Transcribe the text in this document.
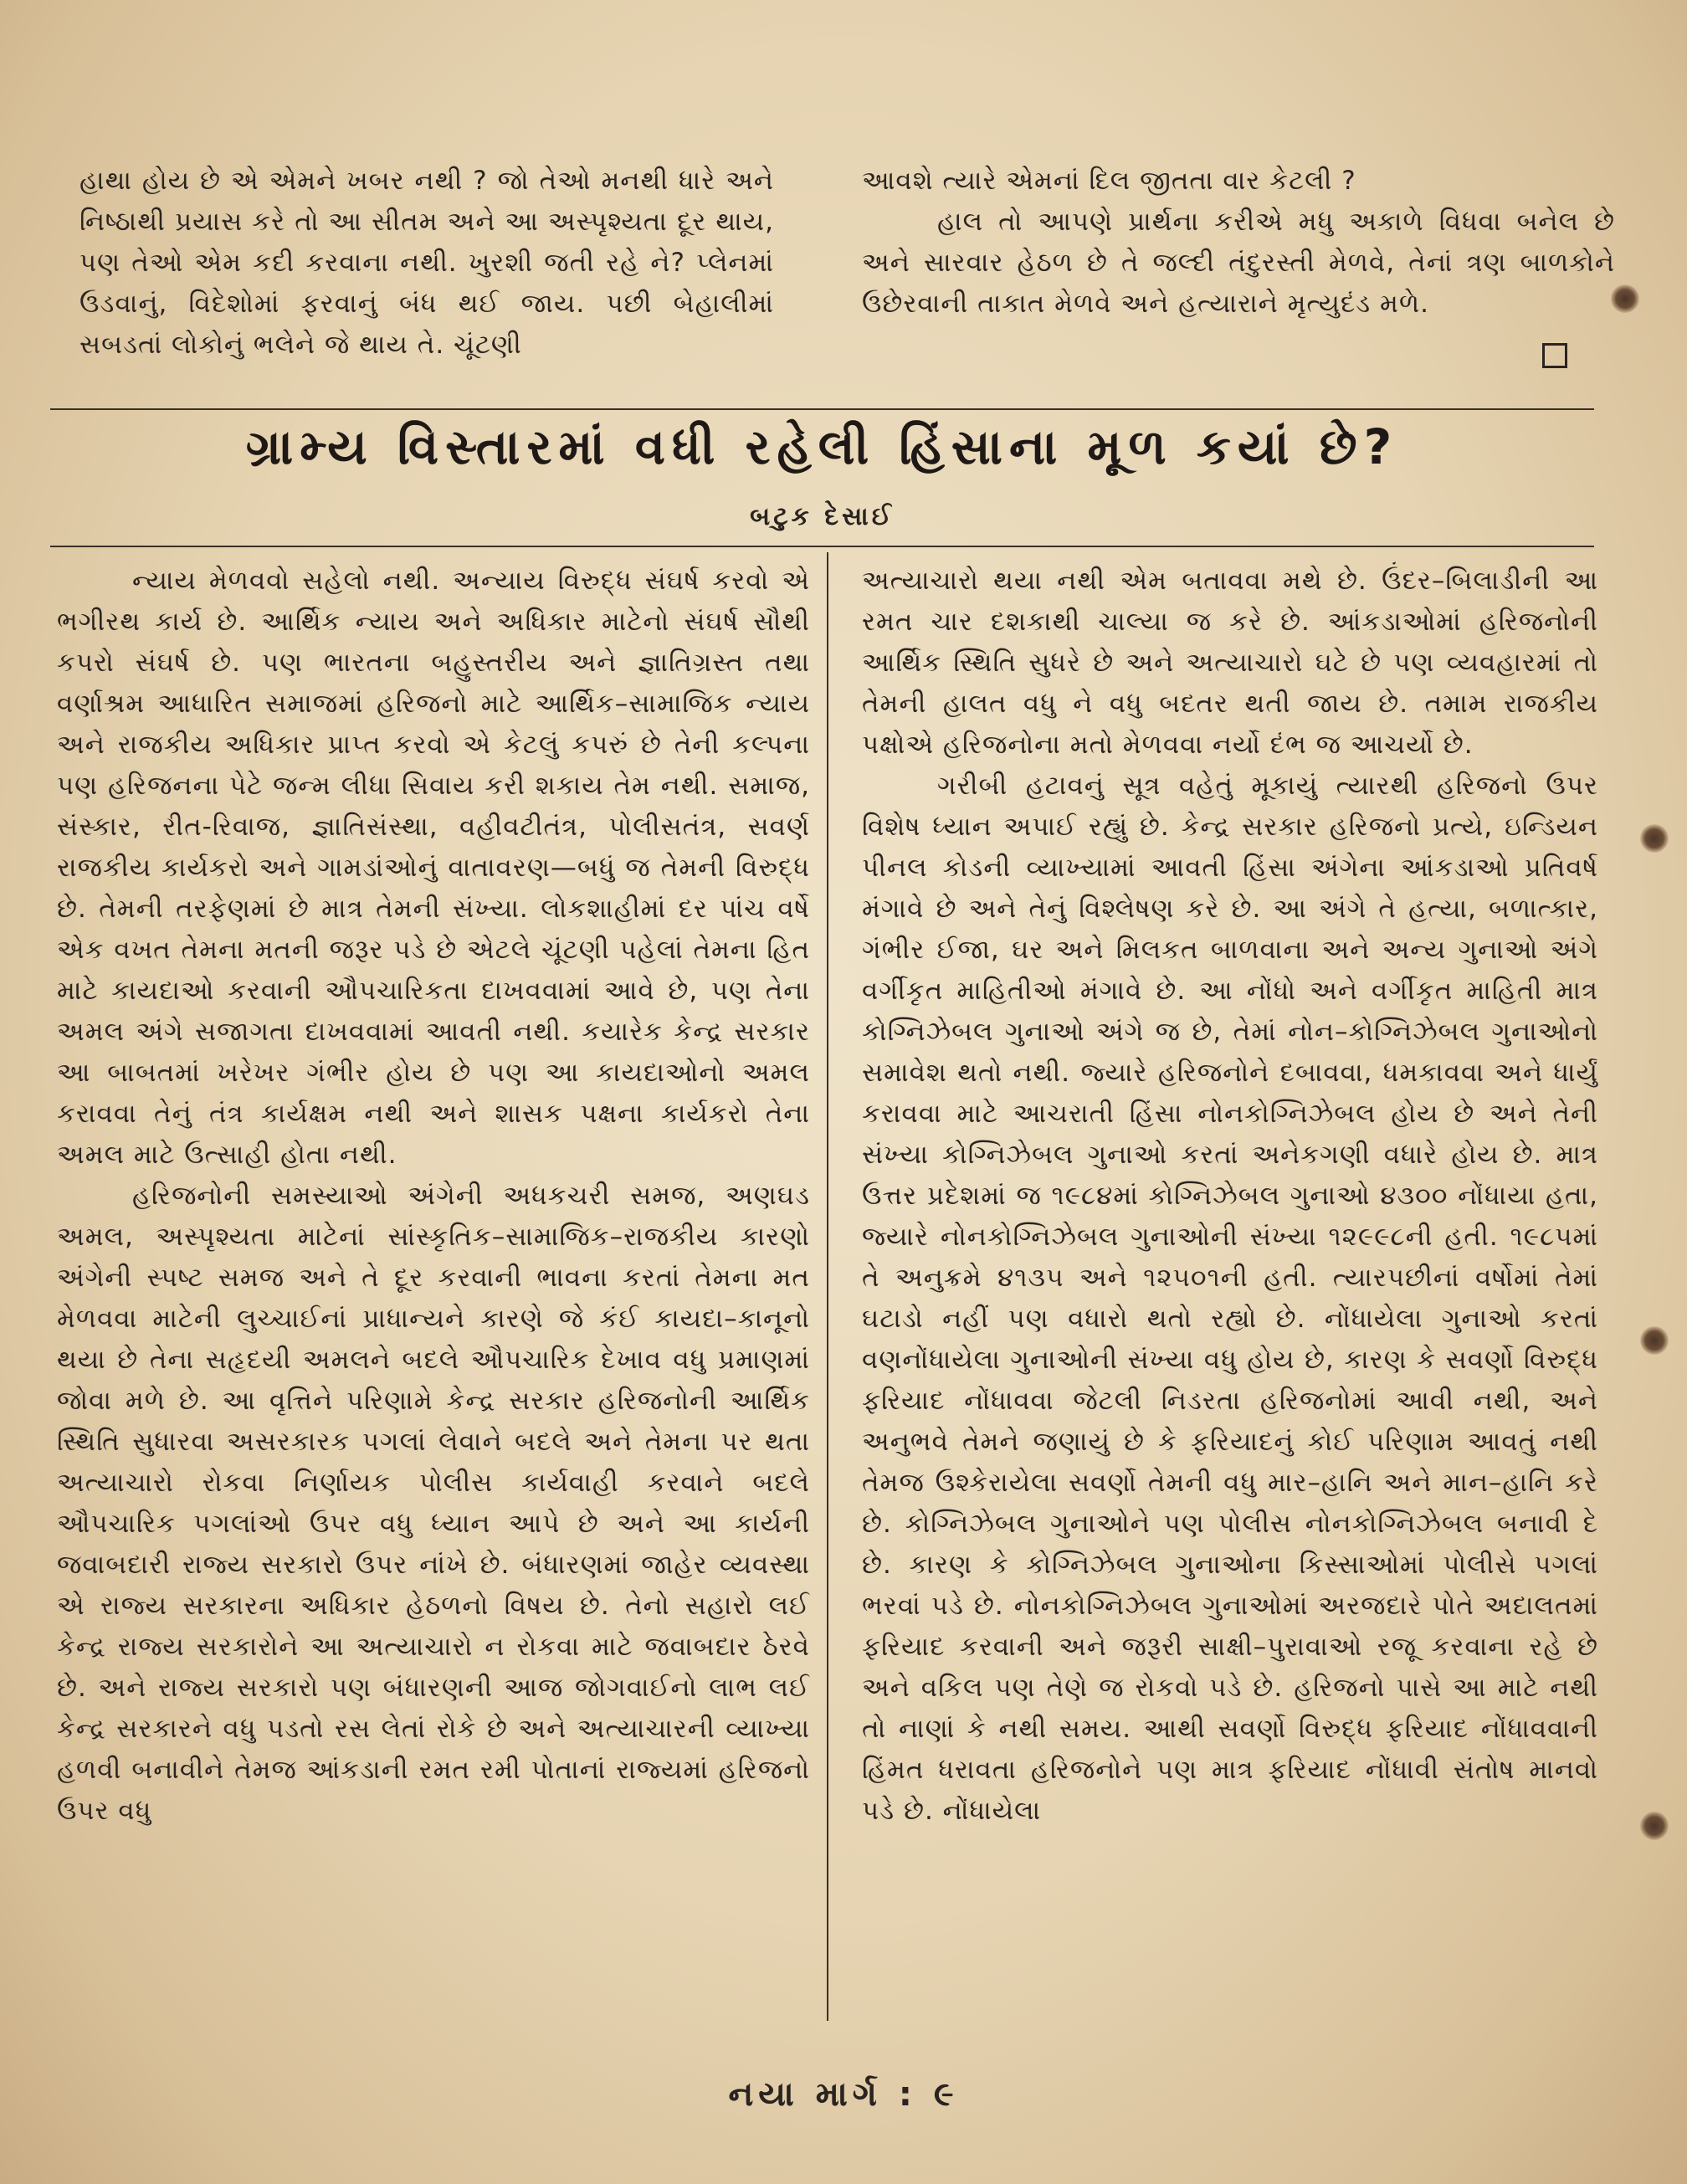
હાથા હોય છે એ એમને ખબર નથી ? જો તેઓ મનથી ધારે અને નિષ્ઠાથી પ્રયાસ કરે તો આ સીતમ અને આ અસ્પૃશ્યતા દૂર થાય, પણ તેઓ એમ કદી કરવાના નથી. ખુરશી જતી રહે ને? પ્લેનમાં ઉડવાનું, વિદેશોમાં ફરવાનું બંધ થઈ જાય. પછી બેહાલીમાં સબડતાં લોકોનું ભલેને જે થાય તે. ચૂંટણી

આવશે ત્યારે એમનાં દિલ જીતતા વાર કેટલી ?

હાલ તો આપણે પ્રાર્થના કરીએ મધુ અકાળે વિધવા બનેલ છે અને સારવાર હેઠળ છે તે જલ્દી તંદુરસ્તી મેળવે, તેનાં ત્રણ બાળકોને ઉછેરવાની તાકાત મેળવે અને હત્યારાને મૃત્યુદંડ મળે.

ગ્રામ્ય વિસ્તારમાં વધી રહેલી હિંસાના મૂળ કયાં છે?
બટુક દેસાઈ

ન્યાય મેળવવો સહેલો નથી. અન્યાય વિરુદ્ધ સંઘર્ષ કરવો એ ભગીરથ કાર્ય છે. આર્થિક ન્યાય અને અધિકાર માટેનો સંઘર્ષ સૌથી કપરો સંઘર્ષ છે. પણ ભારતના બહુસ્તરીય અને જ્ઞાતિગ્રસ્ત તથા વર્ણાશ્રમ આધારિત સમાજમાં હરિજનો માટે આર્થિક–સામાજિક ન્યાય અને રાજકીય અધિકાર પ્રાપ્ત કરવો એ કેટલું કપરું છે તેની કલ્પના પણ હરિજનના પેટે જન્મ લીધા સિવાય કરી શકાય તેમ નથી. સમાજ, સંસ્કાર, રીત-રિવાજ, જ્ઞાતિસંસ્થા, વહીવટીતંત્ર, પોલીસતંત્ર, સવર્ણ રાજકીય કાર્યકરો અને ગામડાંઓનું વાતાવરણ—બધું જ તેમની વિરુદ્ધ છે. તેમની તરફેણમાં છે માત્ર તેમની સંખ્યા. લોકશાહીમાં દર પાંચ વર્ષે એક વખત તેમના મતની જરૂર પડે છે એટલે ચૂંટણી પહેલાં તેમના હિત માટે કાયદાઓ કરવાની ઔપચારિકતા દાખવવામાં આવે છે, પણ તેના અમલ અંગે સજાગતા દાખવવામાં આવતી નથી. કયારેક કેન્દ્ર સરકાર આ બાબતમાં ખરેખર ગંભીર હોય છે પણ આ કાયદાઓનો અમલ કરાવવા તેનું તંત્ર કાર્યક્ષમ નથી અને શાસક પક્ષના કાર્યકરો તેના અમલ માટે ઉત્સાહી હોતા નથી.

હરિજનોની સમસ્યાઓ અંગેની અધકચરી સમજ, અણઘડ અમલ, અસ્પૃશ્યતા માટેનાં સાંસ્કૃતિક–સામાજિક–રાજકીય કારણો અંગેની સ્પષ્ટ સમજ અને તે દૂર કરવાની ભાવના કરતાં તેમના મત મેળવવા માટેની લુચ્ચાઈનાં પ્રાધાન્યને કારણે જે કંઈ કાયદા–કાનૂનો થયા છે તેના સહૃદયી અમલને બદલે ઔપચારિક દેખાવ વધુ પ્રમાણમાં જોવા મળે છે. આ વૃત્તિને પરિણામે કેન્દ્ર સરકાર હરિજનોની આર્થિક સ્થિતિ સુધારવા અસરકારક પગલાં લેવાને બદલે અને તેમના પર થતા અત્યાચારો રોકવા નિર્ણાયક પોલીસ કાર્યવાહી કરવાને બદલે ઔપચારિક પગલાંઓ ઉપર વધુ ધ્યાન આપે છે અને આ કાર્યની જવાબદારી રાજ્ય સરકારો ઉપર નાંખે છે. બંધારણમાં જાહેર વ્યવસ્થા એ રાજ્ય સરકારના અધિકાર હેઠળનો વિષય છે. તેનો સહારો લઈ કેન્દ્ર રાજ્ય સરકારોને આ અત્યાચારો ન રોકવા માટે જવાબદાર ઠેરવે છે. અને રાજ્ય સરકારો પણ બંધારણની આજ જોગવાઈનો લાભ લઈ કેન્દ્ર સરકારને વધુ પડતો રસ લેતાં રોકે છે અને અત્યાચારની વ્યાખ્યા હળવી બનાવીને તેમજ આંકડાની રમત રમી પોતાનાં રાજ્યમાં હરિજનો ઉપર વધુ

અત્યાચારો થયા નથી એમ બતાવવા મથે છે. ઉંદર–બિલાડીની આ રમત ચાર દશકાથી ચાલ્યા જ કરે છે. આંકડાઓમાં હરિજનોની આર્થિક સ્થિતિ સુધરે છે અને અત્યાચારો ઘટે છે પણ વ્યવહારમાં તો તેમની હાલત વધુ ને વધુ બદતર થતી જાય છે. તમામ રાજકીય પક્ષોએ હરિજનોના મતો મેળવવા નર્યો દંભ જ આચર્યો છે.

ગરીબી હટાવનું સૂત્ર વહેતું મૂકાયું ત્યારથી હરિજનો ઉપર વિશેષ ધ્યાન અપાઈ રહ્યું છે. કેન્દ્ર સરકાર હરિજનો પ્રત્યે, ઇન્ડિયન પીનલ કોડની વ્યાખ્યામાં આવતી હિંસા અંગેના આંકડાઓ પ્રતિવર્ષ મંગાવે છે અને તેનું વિશ્લેષણ કરે છે. આ અંગે તે હત્યા, બળાત્કાર, ગંભીર ઈજા, ઘર અને મિલકત બાળવાના અને અન્ય ગુનાઓ અંગે વર્ગીકૃત માહિતીઓ મંગાવે છે. આ નોંધો અને વર્ગીકૃત માહિતી માત્ર કોગ્નિઝેબલ ગુનાઓ અંગે જ છે, તેમાં નોન–કોગ્નિઝેબલ ગુનાઓનો સમાવેશ થતો નથી. જ્યારે હરિજનોને દબાવવા, ધમકાવવા અને ધાર્યું કરાવવા માટે આચરાતી હિંસા નોનકોગ્નિઝેબલ હોય છે અને તેની સંખ્યા કોગ્નિઝેબલ ગુનાઓ કરતાં અનેકગણી વધારે હોય છે. માત્ર ઉત્તર પ્રદેશમાં જ ૧૯૮૪માં કોગ્નિઝેબલ ગુનાઓ ૪૩૦૦ નોંધાયા હતા, જ્યારે નોનકોગ્નિઝેબલ ગુનાઓની સંખ્યા ૧૨૯૯૮ની હતી. ૧૯૮૫માં તે અનુક્રમે ૪૧૩૫ અને ૧૨૫૦૧ની હતી. ત્યારપછીનાં વર્ષોમાં તેમાં ઘટાડો નહીં પણ વધારો થતો રહ્યો છે. નોંધાયેલા ગુનાઓ કરતાં વણનોંધાયેલા ગુનાઓની સંખ્યા વધુ હોય છે, કારણ કે સવર્ણો વિરુદ્ધ ફરિયાદ નોંધાવવા જેટલી નિડરતા હરિજનોમાં આવી નથી, અને અનુભવે તેમને જણાયું છે કે ફરિયાદનું કોઈ પરિણામ આવતું નથી તેમજ ઉશ્કેરાયેલા સવર્ણો તેમની વધુ માર–હાનિ અને માન–હાનિ કરે છે. કોગ્નિઝેબલ ગુનાઓને પણ પોલીસ નોનકોગ્નિઝેબલ બનાવી દે છે. કારણ કે કોગ્નિઝેબલ ગુનાઓના કિસ્સાઓમાં પોલીસે પગલાં ભરવાં પડે છે. નોનકોગ્નિઝેબલ ગુનાઓમાં અરજદારે પોતે અદાલતમાં ફરિયાદ કરવાની અને જરૂરી સાક્ષી–પુરાવાઓ રજૂ કરવાના રહે છે અને વકિલ પણ તેણે જ રોકવો પડે છે. હરિજનો પાસે આ માટે નથી તો નાણાં કે નથી સમય. આથી સવર્ણો વિરુદ્ધ ફરિયાદ નોંધાવવાની હિંમત ધરાવતા હરિજનોને પણ માત્ર ફરિયાદ નોંધાવી સંતોષ માનવો પડે છે. નોંધાયેલા

નયા માર્ગ : ૯
